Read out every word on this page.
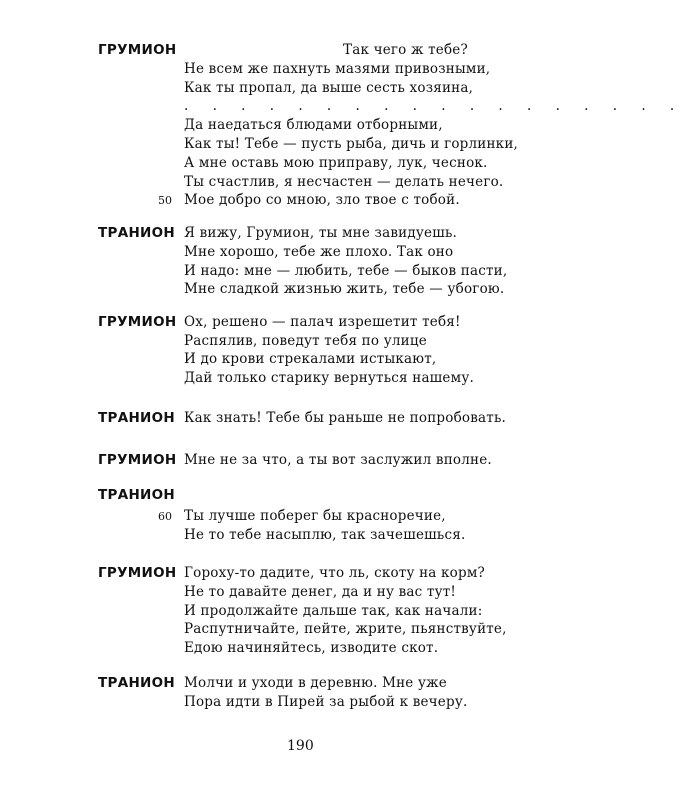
ГРУМИОН	Так чего ж тебе?
Не всем же пахнуть мазями привозными,
Как ты пропал, да выше сесть хозяина,
. . . . . . . . . . . . . . . . . .
Да наедаться блюдами отборными,
Как ты! Тебе — пусть рыба, дичь и горлинки,
А мне оставь мою приправу, лук, чеснок.
Ты счастлив, я несчастен — делать нечего.
50 Мое добро со мною, зло твое с тобой.
ТРАНИОН Я вижу, Грумион, ты мне завидуешь.
Мне хорошо, тебе же плохо. Так оно
И надо: мне — любить, тебе — быков пасти,
Мне сладкой жизнью жить, тебе — убогою.
ГРУМИОН Ох, решено — палач изрешетит тебя!
Распялив, поведут тебя по улице
И до крови стрекалами истыкают,
Дай только старику вернуться нашему.
ТРАНИОН Как знать! Тебе бы раньше не попробовать.
ГРУМИОН Мне не за что, а ты вот заслужил вполне.
ТРАНИОН
60 Ты лучше поберег бы красноречие,
Не то тебе насыплю, так зачешешься.
ГРУМИОН Гороху-то дадите, что ль, скоту на корм?
Не то давайте денег, да и ну вас тут!
И продолжайте дальше так, как начали:
Распутничайте, пейте, жрите, пьянствуйте,
Едою начиняйтесь, изводите скот.
ТРАНИОН Молчи и уходи в деревню. Мне уже
Пора идти в Пирей за рыбой к вечеру.
190
